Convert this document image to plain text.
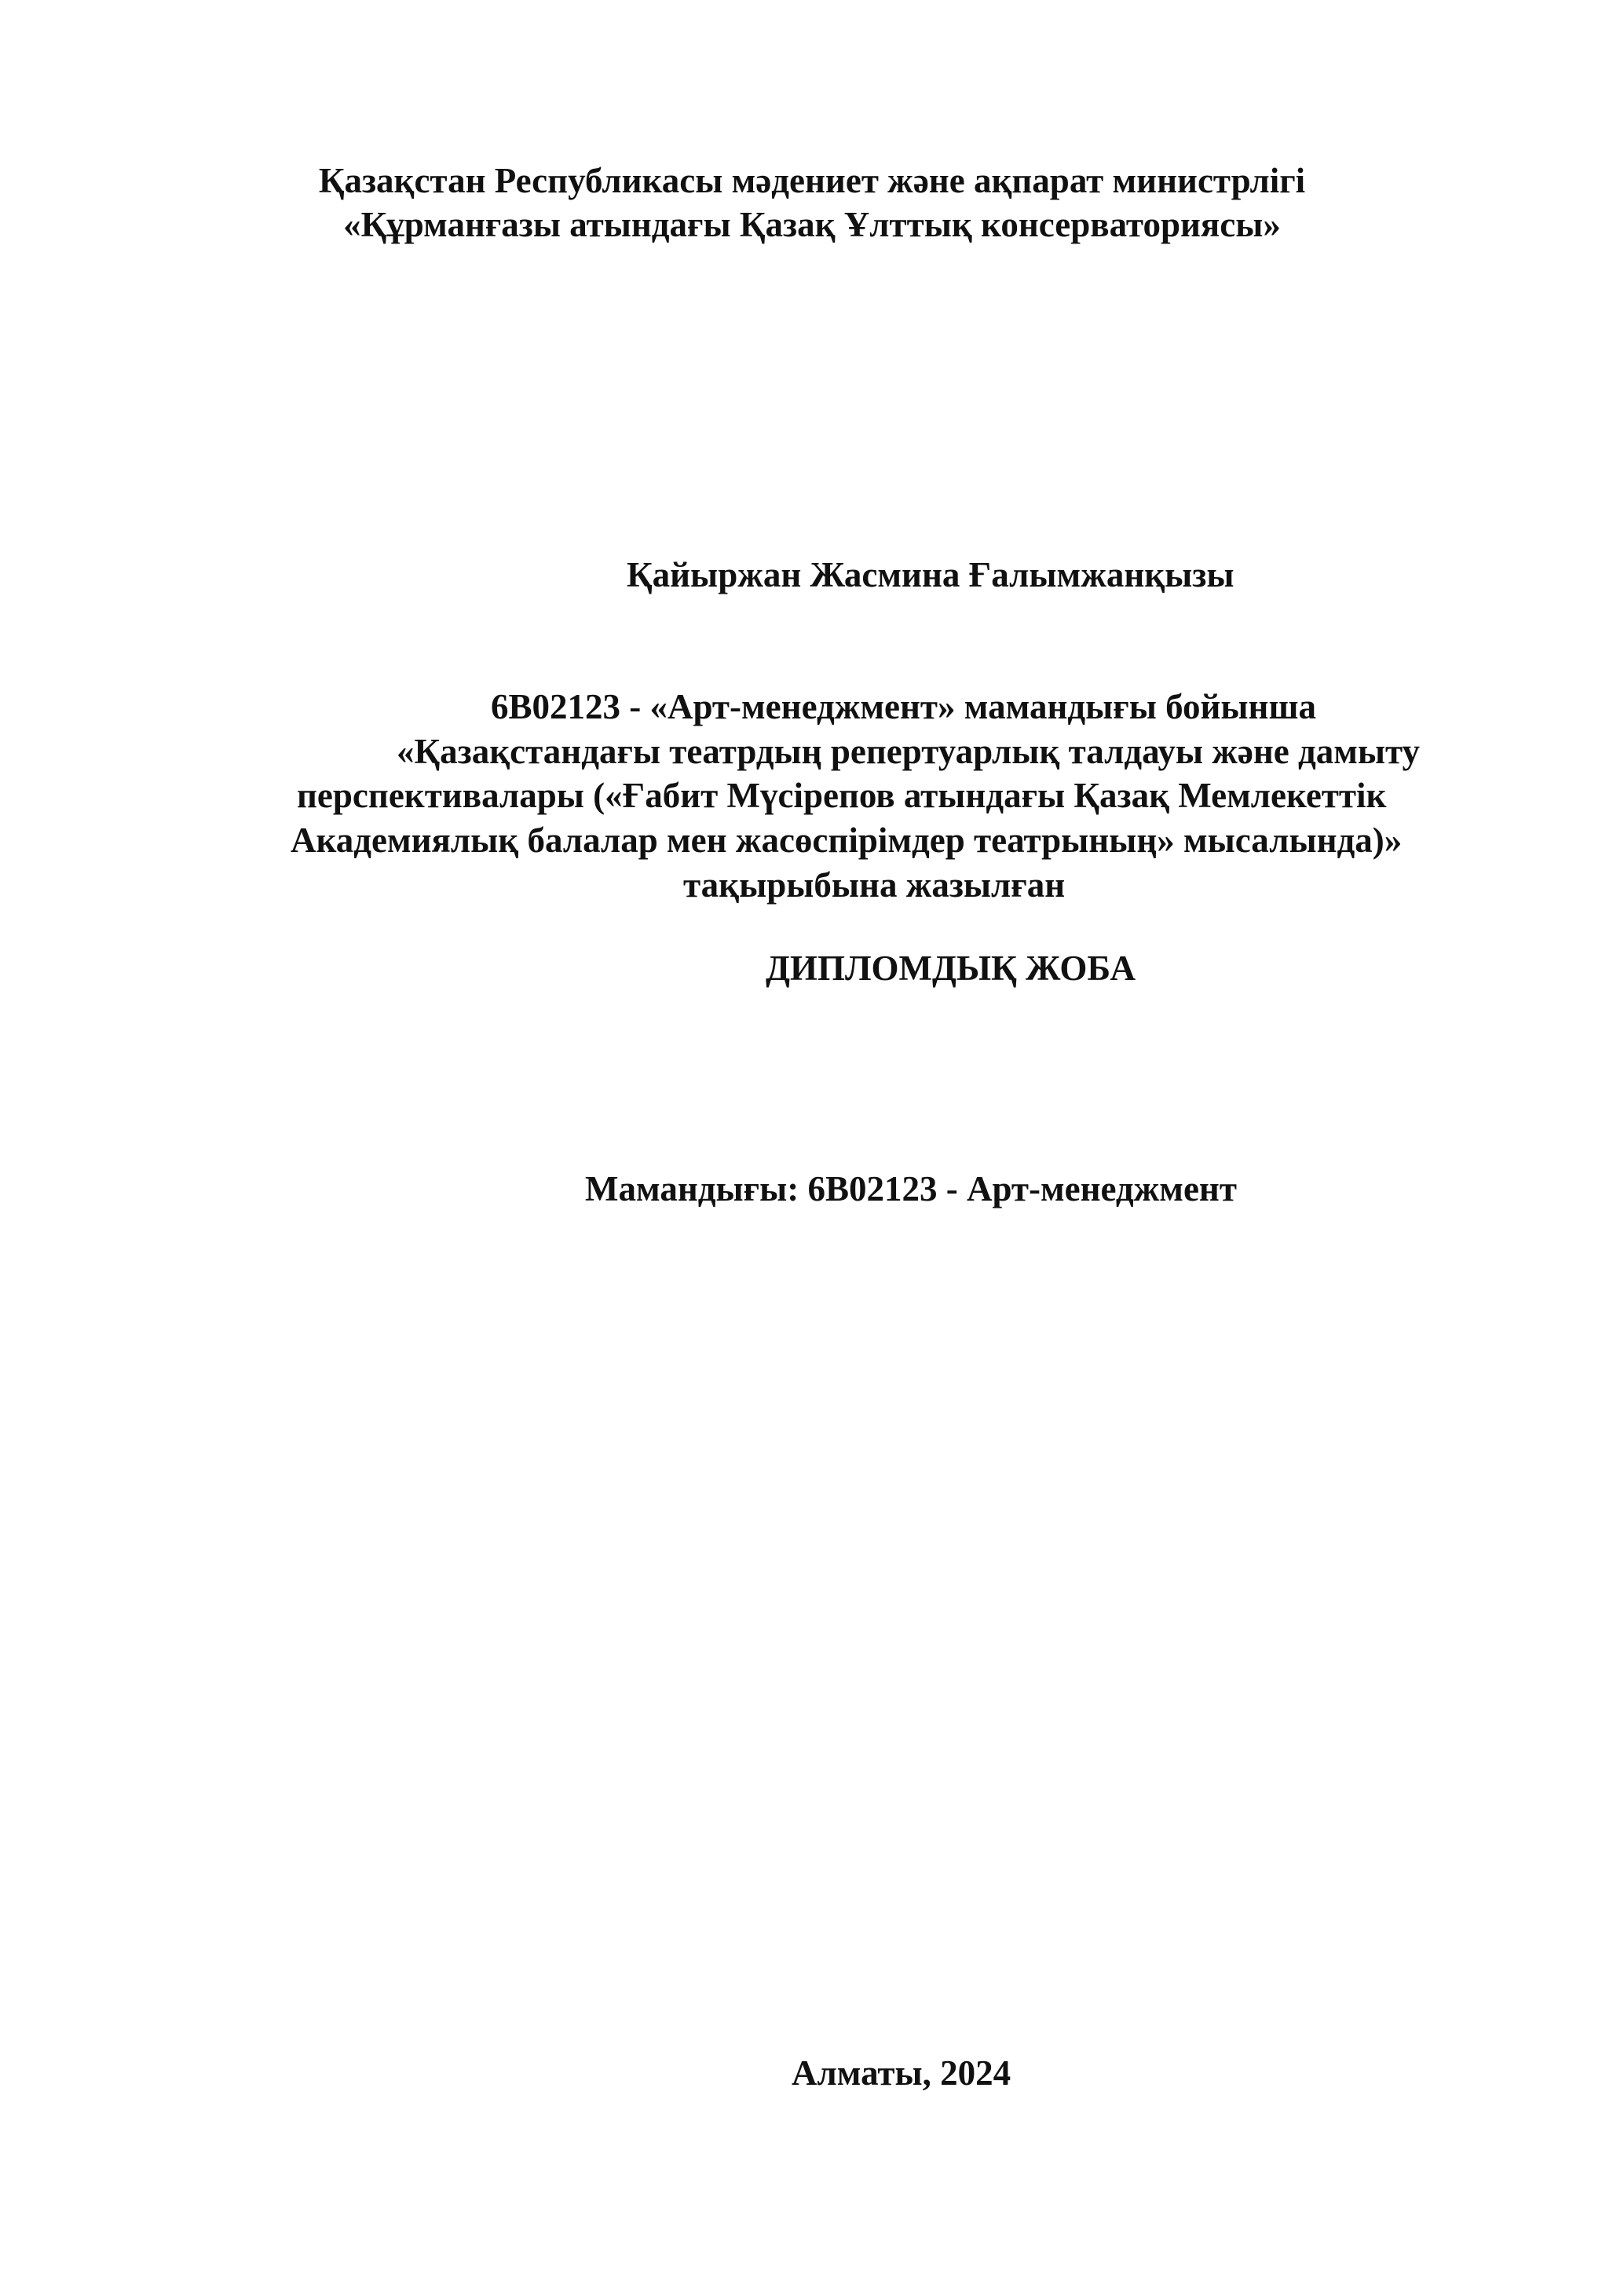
Қазақстан Республикасы мәдениет және ақпарат министрлігі
«Құрманғазы атындағы Қазақ Ұлттық консерваториясы»
Қайыржан Жасмина Ғалымжанқызы
6В02123 - «Арт-менеджмент» мамандығы бойынша
«Қазақстандағы театрдың репертуарлық талдауы және дамыту
перспективалары («Ғабит Мүсірепов атындағы Қазақ Мемлекеттік
Академиялық балалар мен жасөспірімдер театрының» мысалында)»
тақырыбына жазылған
ДИПЛОМДЫҚ ЖОБА
Мамандығы: 6В02123 - Арт-менеджмент
Алматы, 2024
